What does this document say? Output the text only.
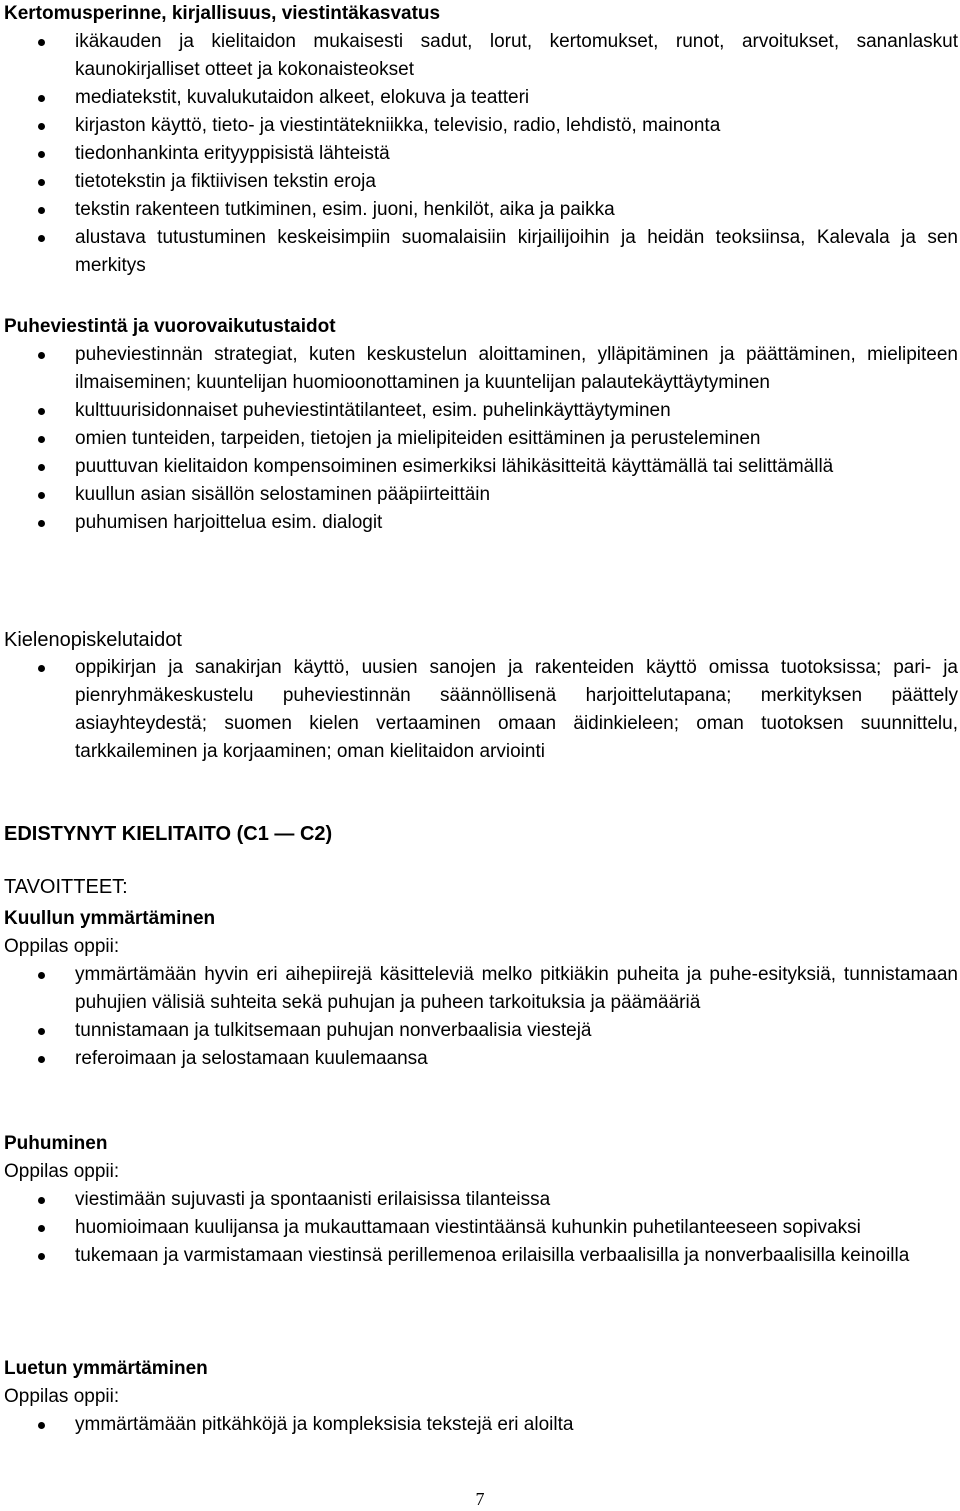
Kertomusperinne, kirjallisuus, viestintäkasvatus
ikäkauden ja kielitaidon mukaisesti sadut, lorut, kertomukset, runot, arvoitukset, sananlaskut kaunokirjalliset otteet ja kokonaisteokset
mediatekstit, kuvalukutaidon alkeet, elokuva ja teatteri
kirjaston käyttö, tieto- ja viestintätekniikka, televisio, radio, lehdistö, mainonta
tiedonhankinta erityyppisistä lähteistä
tietotekstin ja fiktiivisen tekstin eroja
tekstin rakenteen tutkiminen, esim. juoni, henkilöt, aika ja paikka
alustava tutustuminen keskeisimpiin suomalaisiin kirjailijoihin ja heidän teoksiinsa, Kalevala ja sen merkitys
Puheviestintä ja vuorovaikutustaidot
puheviestinnän strategiat, kuten keskustelun aloittaminen, ylläpitäminen ja päättäminen, mielipiteen ilmaiseminen; kuuntelijan huomioonottaminen ja kuuntelijan palautekäyttäytyminen
kulttuurisidonnaiset puheviestintätilanteet, esim. puhelinkäyttäytyminen
omien tunteiden, tarpeiden, tietojen ja mielipiteiden esittäminen ja perusteleminen
puuttuvan kielitaidon kompensoiminen esimerkiksi lähikäsitteitä käyttämällä tai selittämällä
kuullun asian sisällön selostaminen pääpiirteittäin
puhumisen harjoittelua esim. dialogit
Kielenopiskelutaidot
oppikirjan ja sanakirjan käyttö, uusien sanojen ja rakenteiden käyttö omissa tuotoksissa; pari- ja pienryhmäkeskustelu puheviestinnän säännöllisenä harjoittelutapana; merkityksen päättely asiayhteydestä; suomen kielen vertaaminen omaan äidinkieleen; oman tuotoksen suunnittelu, tarkkaileminen ja korjaaminen; oman kielitaidon arviointi
EDISTYNYT KIELITAITO (C1 — C2)
TAVOITTEET:
Kuullun ymmärtäminen
Oppilas oppii:
ymmärtämään hyvin eri aihepiirejä käsitteleviä melko pitkiäkin puheita ja puhe-esityksiä, tunnistamaan puhujien välisiä suhteita sekä puhujan ja puheen tarkoituksia ja päämääriä
tunnistamaan ja tulkitsemaan puhujan nonverbaalisia viestejä
referoimaan ja selostamaan kuulemaansa
Puhuminen
Oppilas oppii:
viestimään sujuvasti ja spontaanisti erilaisissa tilanteissa
huomioimaan kuulijansa ja mukauttamaan viestintäänsä kuhunkin puhetilanteeseen sopivaksi
tukemaan ja varmistamaan viestinsä perillemenoa erilaisilla verbaalisilla ja nonverbaalisilla keinoilla
Luetun ymmärtäminen
Oppilas oppii:
ymmärtämään pitkähköjä ja kompleksisia tekstejä eri aloilta
7
